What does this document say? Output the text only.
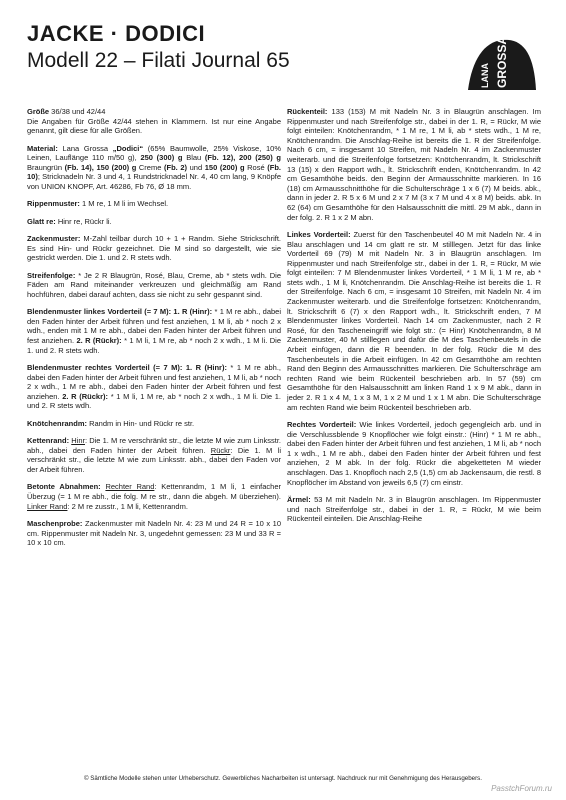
JACKE · DODICI
Modell 22 – Filati Journal 65
LANA GROSSA

Größe 36/38 und 42/44
Die Angaben für Größe 42/44 stehen in Klammern. Ist nur eine Angabe genannt, gilt diese für alle Größen.

Material: Lana Grossa „Dodici“ (65% Baumwolle, 25% Viskose, 10% Leinen, Lauflänge 110 m/50 g), 250 (300) g Blau (Fb. 12), 200 (250) g Braungrün (Fb. 14), 150 (200) g Creme (Fb. 2) und 150 (200) g Rosé (Fb. 10); Stricknadeln Nr. 3 und 4, 1 Rundstricknadel Nr. 4, 40 cm lang, 9 Knöpfe von UNION KNOPF, Art. 46286, Fb 76, Ø 18 mm.

Rippenmuster: 1 M re, 1 M li im Wechsel.

Glatt re: Hinr re, Rückr li.

Zackenmuster: M-Zahl teilbar durch 10 + 1 + Randm. Siehe Strickschrift. Es sind Hin- und Rückr gezeichnet. Die M sind so dargestellt, wie sie gestrickt werden. Die 1. und 2. R stets wdh.

Streifenfolge: * Je 2 R Blaugrün, Rosé, Blau, Creme, ab * stets wdh. Die Fäden am Rand miteinander verkreuzen und gleichmäßig am Rand hochführen, dabei darauf achten, dass sie nicht zu sehr gespannt sind.

Blendenmuster linkes Vorderteil (= 7 M): 1. R (Hinr): * 1 M re abh., dabei den Faden hinter der Arbeit führen und fest anziehen, 1 M li, ab * noch 2 x wdh., enden mit 1 M re abh., dabei den Faden hinter der Arbeit führen und fest anziehen. 2. R (Rückr): * 1 M li, 1 M re, ab * noch 2 x wdh., 1 M li. Die 1. und 2. R stets wdh.

Blendenmuster rechtes Vorderteil (= 7 M): 1. R (Hinr): * 1 M re abh., dabei den Faden hinter der Arbeit führen und fest anziehen, 1 M li, ab * noch 2 x wdh., 1 M re abh., dabei den Faden hinter der Arbeit führen und fest anziehen. 2. R (Rückr): * 1 M li, 1 M re, ab * noch 2 x wdh., 1 M li. Die 1. und 2. R stets wdh.

Knötchenrandm: Randm in Hin- und Rückr re str.

Kettenrand: Hinr: Die 1. M re verschränkt str., die letzte M wie zum Linksstr. abh., dabei den Faden hinter der Arbeit führen. Rückr: Die 1. M li verschränkt str., die letzte M wie zum Linksstr. abh., dabei den Faden vor der Arbeit führen.

Betonte Abnahmen: Rechter Rand: Kettenrandm, 1 M li, 1 einfacher Überzug (= 1 M re abh., die folg. M re str., dann die abgeh. M überziehen). Linker Rand: 2 M re zusstr., 1 M li, Kettenrandm.

Maschenprobe: Zackenmuster mit Nadeln Nr. 4: 23 M und 24 R = 10 x 10 cm. Rippenmuster mit Nadeln Nr. 3, ungedehnt gemessen: 23 M und 33 R = 10 x 10 cm.

Rückenteil: 133 (153) M mit Nadeln Nr. 3 in Blaugrün anschlagen. Im Rippenmuster und nach Streifenfolge str., dabei in der 1. R, = Rückr, M wie folgt einteilen: Knötchenrandm, * 1 M re, 1 M li, ab * stets wdh., 1 M re, Knötchenrandm. Die Anschlag-Reihe ist bereits die 1. R der Streifenfolge. Nach 6 cm, = insgesamt 10 Streifen, mit Nadeln Nr. 4 im Zackenmuster weiterarb. und die Streifenfolge fortsetzen: Knötchenrandm, lt. Strickschrift 13 (15) x den Rapport wdh., lt. Strickschrift enden, Knötchenrandm. In 42 cm Gesamthöhe beids. den Beginn der Armausschnitte markieren. In 16 (18) cm Armausschnitthöhe für die Schulterschräge 1 x 6 (7) M beids. abk., dann in jeder 2. R 5 x 6 M und 2 x 7 M (3 x 7 M und 4 x 8 M) beids. abk. In 62 (64) cm Gesamthöhe für den Halsausschnitt die mittl. 29 M abk., dann in der folg. 2. R 1 x 2 M abn.

Linkes Vorderteil: Zuerst für den Taschenbeutel 40 M mit Nadeln Nr. 4 in Blau anschlagen und 14 cm glatt re str. M stilllegen. Jetzt für das linke Vorderteil 69 (79) M mit Nadeln Nr. 3 in Blaugrün anschlagen. Im Rippenmuster und nach Streifenfolge str., dabei in der 1. R, = Rückr, M wie folgt einteilen: 7 M Blendenmuster linkes Vorderteil, * 1 M li, 1 M re, ab * stets wdh., 1 M li, Knötchenrandm. Die Anschlag-Reihe ist bereits die 1. R der Streifenfolge. Nach 6 cm, = insgesamt 10 Streifen, mit Nadeln Nr. 4 im Zackenmuster weiterarb. und die Streifenfolge fortsetzen: Knötchenrandm, lt. Strickschrift 6 (7) x den Rapport wdh., lt. Strickschrift enden, 7 M Blendenmuster linkes Vorderteil. Nach 14 cm Zackenmuster, nach 2 R Rosé, für den Tascheneingriff wie folgt str.: (= Hinr) Knötchenrandm, 8 M Zackenmuster, 40 M stilllegen und dafür die M des Taschenbeutels in die Arbeit einfügen, dann die R beenden. In der folg. Rückr die M des Taschenbeutels in die Arbeit einfügen. In 42 cm Gesamthöhe am rechten Rand den Beginn des Armausschnittes markieren. Die Schulterschräge am rechten Rand wie beim Rückenteil beschrieben arb. In 57 (59) cm Gesamthöhe für den Halsausschnitt am linken Rand 1 x 9 M abk., dann in jeder 2. R 1 x 4 M, 1 x 3 M, 1 x 2 M und 1 x 1 M abn. Die Schulterschräge am rechten Rand wie beim Rückenteil beschrieben arb.

Rechtes Vorderteil: Wie linkes Vorderteil, jedoch gegengleich arb. und in die Verschlussblende 9 Knopflöcher wie folgt einstr.: (Hinr) * 1 M re abh., dabei den Faden hinter der Arbeit führen und fest anziehen, 1 M li, ab * noch 1 x wdh., 1 M re abh., dabei den Faden hinter der Arbeit führen und fest anziehen, 2 M abk. In der folg. Rückr die abgeketteten M wieder anschlagen. Das 1. Knopfloch nach 2,5 (1,5) cm ab Jackensaum, die restl. 8 Knopflöcher im Abstand von jeweils 6,5 (7) cm einstr.

Ärmel: 53 M mit Nadeln Nr. 3 in Blaugrün anschlagen. Im Rippenmuster und nach Streifenfolge str., dabei in der 1. R, = Rückr, M wie beim Rückenteil einteilen. Die Anschlag-Reihe

© Sämtliche Modelle stehen unter Urheberschutz. Gewerbliches Nacharbeiten ist untersagt. Nachdruck nur mit Genehmigung des Herausgebers.
PasstchForum.ru
